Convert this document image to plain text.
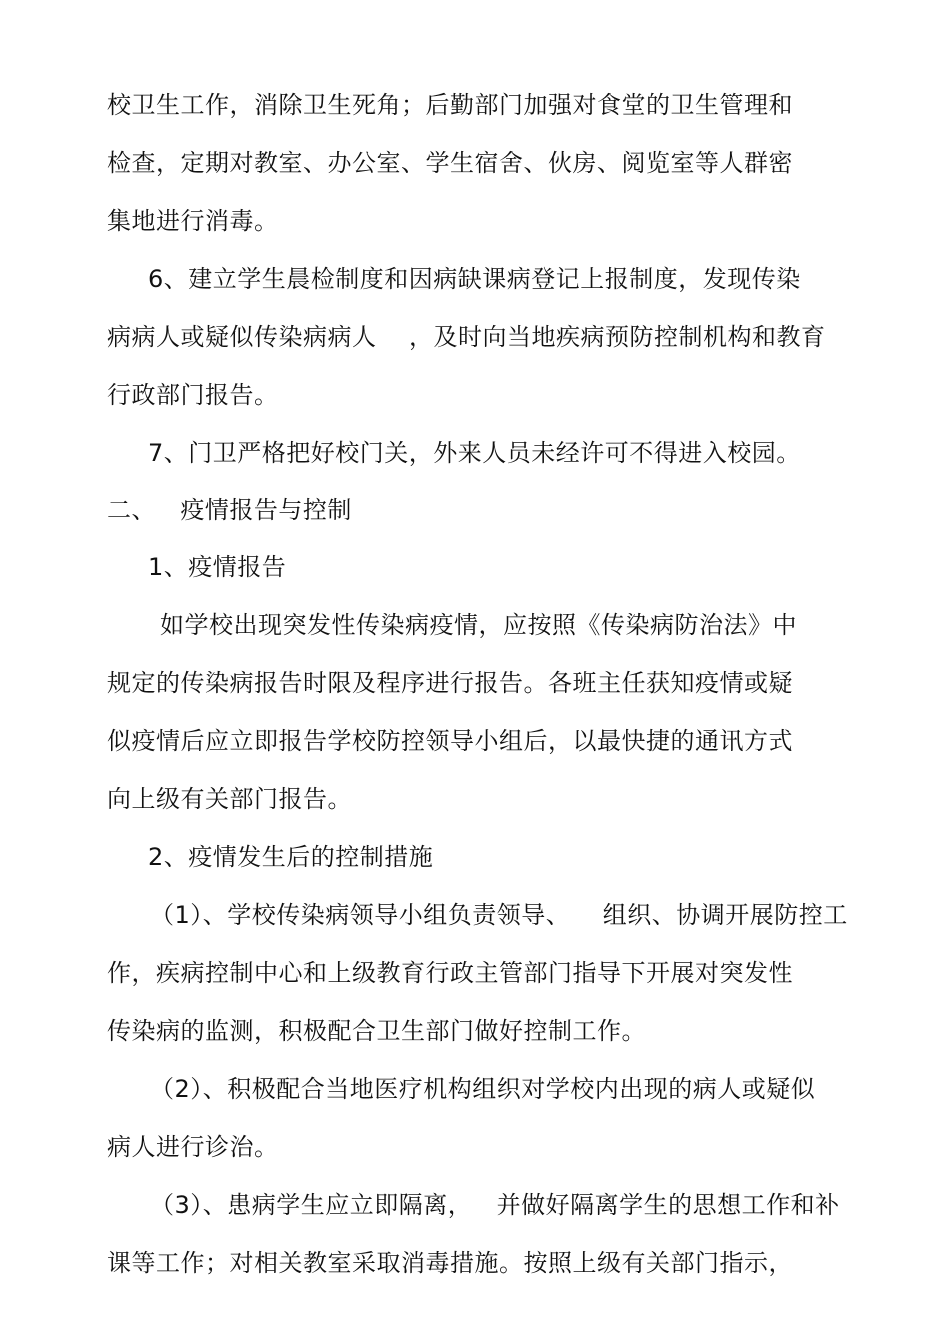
校卫生工作，消除卫生死角；后勤部门加强对食堂的卫生管理和
检查，定期对教室、办公室、学生宿舍、伙房、阅览室等人群密
集地进行消毒。
6、建立学生晨检制度和因病缺课病登记上报制度，发现传染
病病人或疑似传染病病人    ，及时向当地疾病预防控制机构和教育
行政部门报告。
7、门卫严格把好校门关，外来人员未经许可不得进入校园。
二、   疫情报告与控制
1、疫情报告
如学校出现突发性传染病疫情，应按照《传染病防治法》中
规定的传染病报告时限及程序进行报告。各班主任获知疫情或疑
似疫情后应立即报告学校防控领导小组后，以最快捷的通讯方式
向上级有关部门报告。
2、疫情发生后的控制措施
（1）、学校传染病领导小组负责领导、    组织、协调开展防控工
作，疾病控制中心和上级教育行政主管部门指导下开展对突发性
传染病的监测，积极配合卫生部门做好控制工作。
（2）、积极配合当地医疗机构组织对学校内出现的病人或疑似
病人进行诊治。
（3）、患病学生应立即隔离，   并做好隔离学生的思想工作和补
课等工作；对相关教室采取消毒措施。按照上级有关部门指示，
